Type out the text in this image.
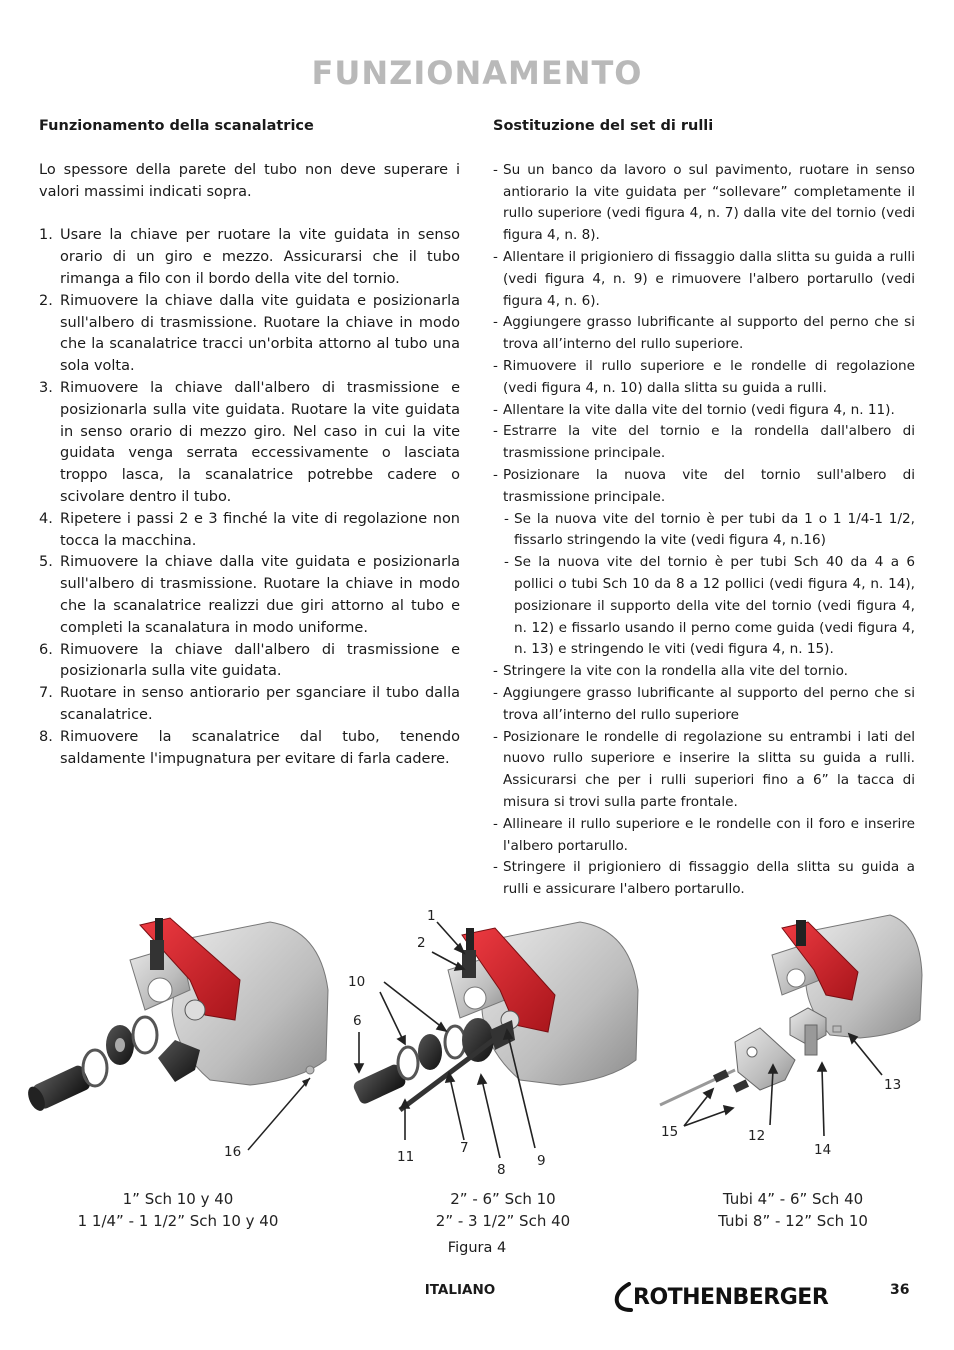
FUNZIONAMENTO
Funzionamento della scanalatrice

Lo spessore della parete del tubo non deve superare i valori massimi indicati sopra.

1. Usare la chiave per ruotare la vite guidata in senso orario di un giro e mezzo. Assicurarsi che il tubo rimanga a filo con il bordo della vite del tornio.
2. Rimuovere la chiave dalla vite guidata e posizionarla sull'albero di trasmissione. Ruotare la chiave in modo che la scanalatrice tracci un'orbita attorno al tubo una sola volta.
3. Rimuovere la chiave dall'albero di trasmissione e posizionarla sulla vite guidata. Ruotare la vite guidata in senso orario di mezzo giro. Nel caso in cui la vite guidata venga serrata eccessivamente o lasciata troppo lasca, la scanalatrice potrebbe cadere o scivolare dentro il tubo.
4. Ripetere i passi 2 e 3 finché la vite di regolazione non tocca la macchina.
5. Rimuovere la chiave dalla vite guidata e posizionarla sull'albero di trasmissione. Ruotare la chiave in modo che la scanalatrice realizzi due giri attorno al tubo e completi la scanalatura in modo uniforme.
6. Rimuovere la chiave dall'albero di trasmissione e posizionarla sulla vite guidata.
7. Ruotare in senso antiorario per sganciare il tubo dalla scanalatrice.
8. Rimuovere la scanalatrice dal tubo, tenendo saldamente l'impugnatura per evitare di farla cadere.
Sostituzione del set di rulli
- Su un banco da lavoro o sul pavimento, ruotare in senso antiorario la vite guidata per “sollevare” completamente il rullo superiore (vedi figura 4, n. 7) dalla vite del tornio (vedi figura 4, n. 8).
- Allentare il prigioniero di fissaggio dalla slitta su guida a rulli (vedi figura 4, n. 9) e rimuovere l'albero portarullo (vedi figura 4, n. 6).
- Aggiungere grasso lubrificante al supporto del perno che si trova all’interno del rullo superiore.
- Rimuovere il rullo superiore e le rondelle di regolazione (vedi figura 4, n. 10) dalla slitta su guida a rulli.
- Allentare la vite dalla vite del tornio (vedi figura 4, n. 11).
- Estrarre la vite del tornio e la rondella dall'albero di trasmissione principale.
- Posizionare la nuova vite del tornio sull'albero di trasmissione principale.
- Se la nuova vite del tornio è per tubi da 1 o 1 1/4-1 1/2, fissarlo stringendo la vite (vedi figura 4, n.16)
- Se la nuova vite del tornio è per tubi Sch 40 da 4 a 6 pollici o tubi Sch 10 da 8 a 12 pollici (vedi figura 4, n. 14), posizionare il supporto della vite del tornio (vedi figura 4, n. 12) e fissarlo usando il perno come guida (vedi figura 4, n. 13) e stringendo le viti (vedi figura 4, n. 15).
- Stringere la vite con la rondella alla vite del tornio.
- Aggiungere grasso lubrificante al supporto del perno che si trova all’interno del rullo superiore
- Posizionare le rondelle di regolazione su entrambi i lati del nuovo rullo superiore e inserire la slitta su guida a rulli. Assicurarsi che per i rulli superiori fino a 6” la tacca di misura si trovi sulla parte frontale.
- Allineare il rullo superiore e le rondelle con il foro e inserire l'albero portarullo.
- Stringere il prigioniero di fissaggio della slitta su guida a rulli e assicurare l'albero portarullo.
1
2
10
6
16	11
7
8
9
13
15	12
14
1” Sch 10 y 40
1 1/4” - 1 1/2” Sch 10 y 40
2” - 6” Sch 10
2” - 3 1/2” Sch 40
Tubi 4” - 6” Sch 40
Tubi 8” - 12” Sch 10
Figura 4
ITALIANO	ROTHENBERGER	36
